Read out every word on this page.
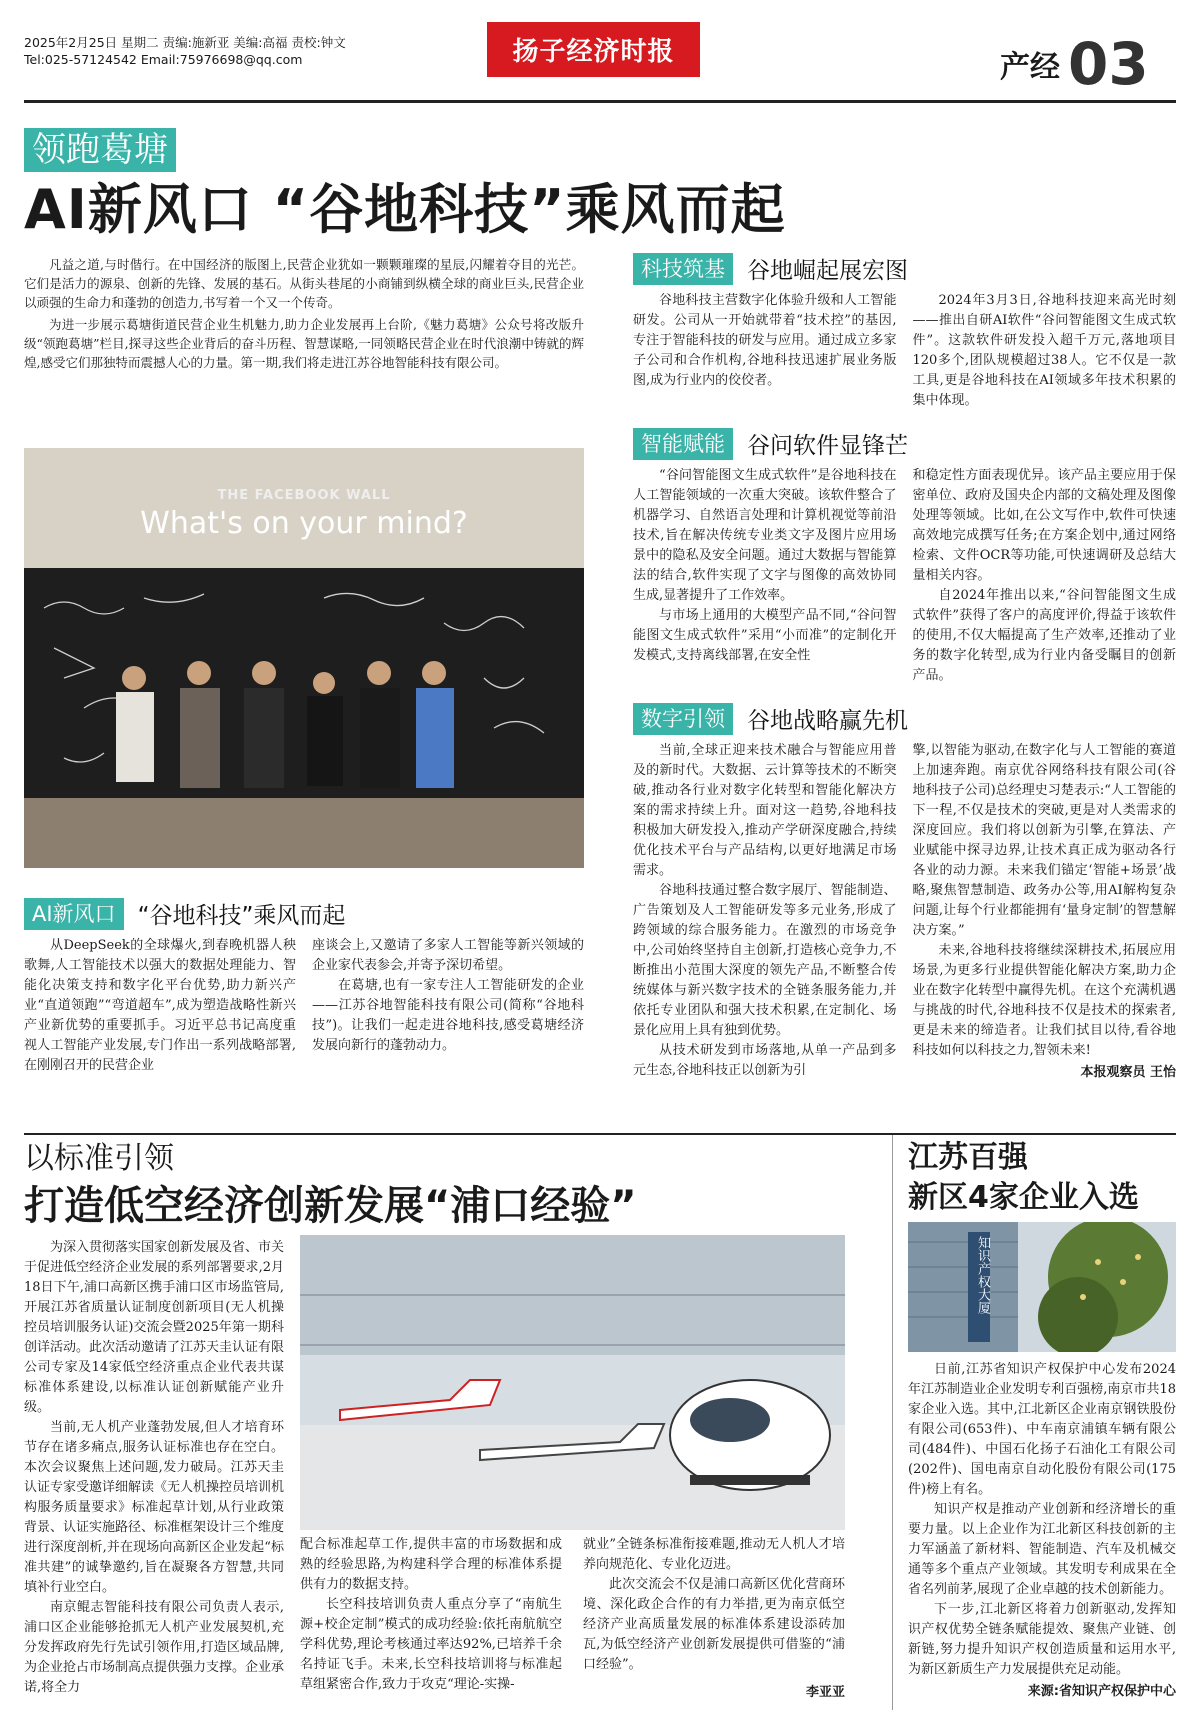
2025年2月25日 星期二 责编:施新亚 美编:高福 责校:钟文
Tel:025-57124542 Email:75976698@qq.com	扬子经济时报	产经 03
领跑葛塘
AI新风口 “谷地科技”乘风而起

凡益之道,与时偕行。在中国经济的版图上,民营企业犹如一颗颗璀璨的星辰,闪耀着夺目的光芒。它们是活力的源泉、创新的先锋、发展的基石。从街头巷尾的小商铺到纵横全球的商业巨头,民营企业以顽强的生命力和蓬勃的创造力,书写着一个又一个传奇。

为进一步展示葛塘街道民营企业生机魅力,助力企业发展再上台阶,《魅力葛塘》公众号将改版升级“领跑葛塘”栏目,探寻这些企业背后的奋斗历程、智慧谋略,一同领略民营企业在时代浪潮中铸就的辉煌,感受它们那独特而震撼人心的力量。第一期,我们将走进江苏谷地智能科技有限公司。

THE FACEBOOK WALL
What's on your mind?
AI新风口 “谷地科技”乘风而起

从DeepSeek的全球爆火,到春晚机器人秧歌舞,人工智能技术以强大的数据处理能力、智能化决策支持和数字化平台优势,助力新兴产业“直道领跑”“弯道超车”,成为塑造战略性新兴产业新优势的重要抓手。习近平总书记高度重视人工智能产业发展,专门作出一系列战略部署,在刚刚召开的民营企业

座谈会上,又邀请了多家人工智能等新兴领域的企业家代表参会,并寄予深切希望。

在葛塘,也有一家专注人工智能研发的企业——江苏谷地智能科技有限公司(简称“谷地科技”)。让我们一起走进谷地科技,感受葛塘经济发展向新行的蓬勃动力。

科技筑基 谷地崛起展宏图

谷地科技主营数字化体验升级和人工智能研发。公司从一开始就带着“技术控”的基因,专注于智能科技的研发与应用。通过成立多家子公司和合作机构,谷地科技迅速扩展业务版图,成为行业内的佼佼者。

2024年3月3日,谷地科技迎来高光时刻——推出自研AI软件“谷问智能图文生成式软件”。这款软件研发投入超千万元,落地项目120多个,团队规模超过38人。它不仅是一款工具,更是谷地科技在AI领域多年技术积累的集中体现。

智能赋能 谷问软件显锋芒

“谷问智能图文生成式软件”是谷地科技在人工智能领域的一次重大突破。该软件整合了机器学习、自然语言处理和计算机视觉等前沿技术,旨在解决传统专业类文字及图片应用场景中的隐私及安全问题。通过大数据与智能算法的结合,软件实现了文字与图像的高效协同生成,显著提升了工作效率。

与市场上通用的大模型产品不同,“谷问智能图文生成式软件”采用“小而准”的定制化开发模式,支持离线部署,在安全性

和稳定性方面表现优异。该产品主要应用于保密单位、政府及国央企内部的文稿处理及图像处理等领域。比如,在公文写作中,软件可快速高效地完成撰写任务;在方案企划中,通过网络检索、文件OCR等功能,可快速调研及总结大量相关内容。

自2024年推出以来,“谷问智能图文生成式软件”获得了客户的高度评价,得益于该软件的使用,不仅大幅提高了生产效率,还推动了业务的数字化转型,成为行业内备受瞩目的创新产品。

数字引领 谷地战略赢先机

当前,全球正迎来技术融合与智能应用普及的新时代。大数据、云计算等技术的不断突破,推动各行业对数字化转型和智能化解决方案的需求持续上升。面对这一趋势,谷地科技积极加大研发投入,推动产学研深度融合,持续优化技术平台与产品结构,以更好地满足市场需求。

谷地科技通过整合数字展厅、智能制造、广告策划及人工智能研发等多元业务,形成了跨领域的综合服务能力。在激烈的市场竞争中,公司始终坚持自主创新,打造核心竞争力,不断推出小范围大深度的领先产品,不断整合传统媒体与新兴数字技术的全链条服务能力,并依托专业团队和强大技术积累,在定制化、场景化应用上具有独到优势。

从技术研发到市场落地,从单一产品到多元生态,谷地科技正以创新为引

擎,以智能为驱动,在数字化与人工智能的赛道上加速奔跑。南京优谷网络科技有限公司(谷地科技子公司)总经理史习楚表示:“人工智能的下一程,不仅是技术的突破,更是对人类需求的深度回应。我们将以创新为引擎,在算法、产业赋能中探寻边界,让技术真正成为驱动各行各业的动力源。未来我们锚定‘智能+场景’战略,聚焦智慧制造、政务办公等,用AI解构复杂问题,让每个行业都能拥有‘量身定制’的智慧解决方案。”

未来,谷地科技将继续深耕技术,拓展应用场景,为更多行业提供智能化解决方案,助力企业在数字化转型中赢得先机。在这个充满机遇与挑战的时代,谷地科技不仅是技术的探索者,更是未来的缔造者。让我们拭目以待,看谷地科技如何以科技之力,智领未来!

本报观察员 王怡
以标准引领
打造低空经济创新发展“浦口经验”

为深入贯彻落实国家创新发展及省、市关于促进低空经济企业发展的系列部署要求,2月18日下午,浦口高新区携手浦口区市场监管局,开展江苏省质量认证制度创新项目(无人机操控员培训服务认证)交流会暨2025年第一期科创详活动。此次活动邀请了江苏天圭认证有限公司专家及14家低空经济重点企业代表共谋标准体系建设,以标准认证创新赋能产业升级。

当前,无人机产业蓬勃发展,但人才培育环节存在诸多痛点,服务认证标准也存在空白。本次会议聚焦上述问题,发力破局。江苏天圭认证专家受邀详细解读《无人机操控员培训机构服务质量要求》标准起草计划,从行业政策背景、认证实施路径、标准框架设计三个维度进行深度剖析,并在现场向高新区企业发起“标准共建”的诚挚邀约,旨在凝聚各方智慧,共同填补行业空白。

南京鲲志智能科技有限公司负责人表示,浦口区企业能够抢抓无人机产业发展契机,充分发挥政府先行先试引领作用,打造区域品牌,为企业抢占市场制高点提供强力支撑。企业承诺,将全力

配合标准起草工作,提供丰富的市场数据和成熟的经验思路,为构建科学合理的标准体系提供有力的数据支持。

长空科技培训负责人重点分享了“南航生源+校企定制”模式的成功经验:依托南航航空学科优势,理论考核通过率达92%,已培养千余名持证飞手。未来,长空科技培训将与标准起草组紧密合作,致力于攻克“理论-实操-

就业”全链条标准衔接难题,推动无人机人才培养向规范化、专业化迈进。

此次交流会不仅是浦口高新区优化营商环境、深化政企合作的有力举措,更为南京低空经济产业高质量发展的标准体系建设添砖加瓦,为低空经济产业创新发展提供可借鉴的“浦口经验”。

李亚亚
江苏百强
新区4家企业入选
知识产权大厦

日前,江苏省知识产权保护中心发布2024年江苏制造业企业发明专利百强榜,南京市共18家企业入选。其中,江北新区企业南京钢铁股份有限公司(653件)、中车南京浦镇车辆有限公司(484件)、中国石化扬子石油化工有限公司(202件)、国电南京自动化股份有限公司(175件)榜上有名。

知识产权是推动产业创新和经济增长的重要力量。以上企业作为江北新区科技创新的主力军涵盖了新材料、智能制造、汽车及机械交通等多个重点产业领域。其发明专利成果在全省名列前茅,展现了企业卓越的技术创新能力。

下一步,江北新区将着力创新驱动,发挥知识产权优势全链条赋能提效、聚焦产业链、创新链,努力提升知识产权创造质量和运用水平,为新区新质生产力发展提供充足动能。

来源:省知识产权保护中心
